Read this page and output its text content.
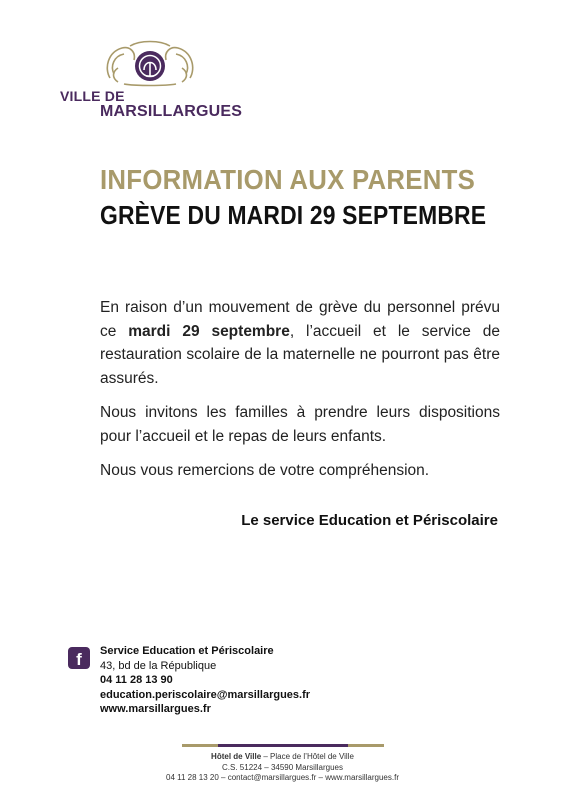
VILLE DE
MARSILLARGUES
INFORMATION AUX PARENTS
GRÈVE DU MARDI 29 SEPTEMBRE

En raison d’un mouvement de grève du personnel prévu ce mardi 29 septembre, l’accueil et le service de restauration scolaire de la maternelle ne pourront pas être assurés.

Nous invitons les familles à prendre leurs dispositions pour l’accueil et le repas de leurs enfants.

Nous vous remercions de votre compréhension.

Le service Education et Périscolaire
f	Service Education et Périscolaire
43, bd de la République
04 11 28 13 90
education.periscolaire@marsillargues.fr
www.marsillargues.fr
Hôtel de Ville – Place de l’Hôtel de Ville
C.S. 51224 – 34590 Marsillargues
04 11 28 13 20 – contact@marsillargues.fr – www.marsillargues.fr
